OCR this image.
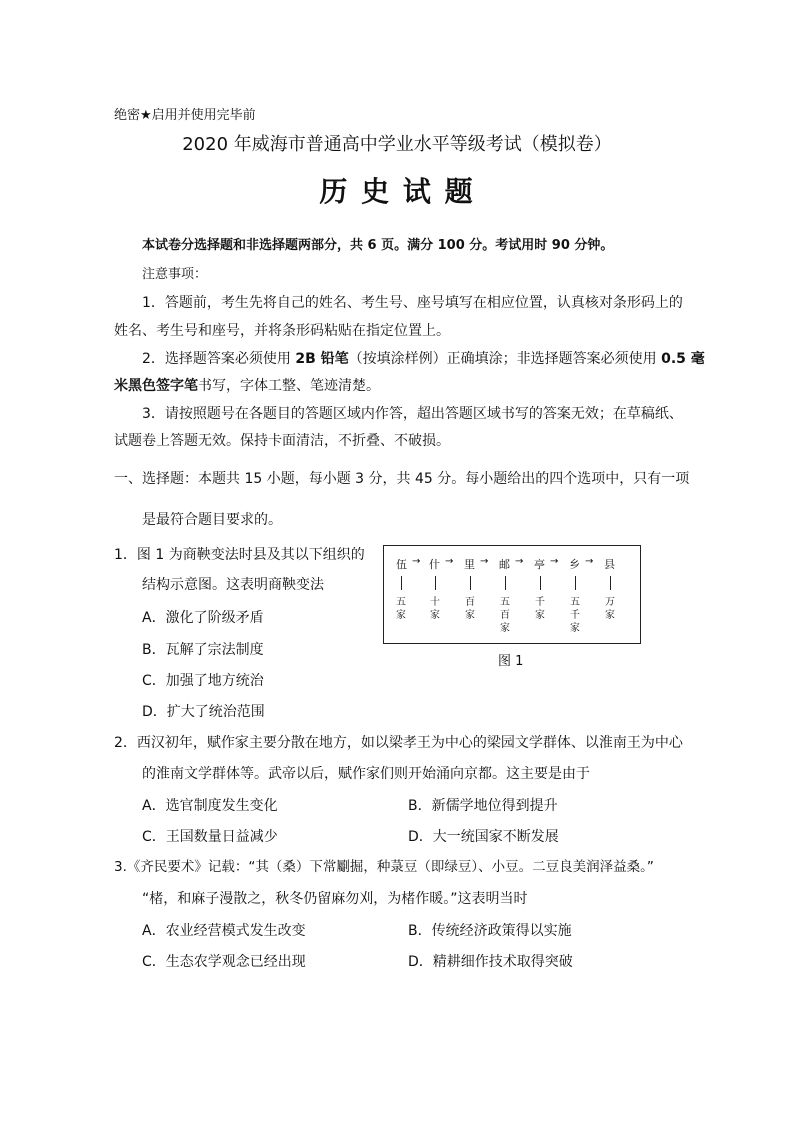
绝密★启用并使用完毕前
2020 年威海市普通高中学业水平等级考试（模拟卷）
历 史 试 题
本试卷分选择题和非选择题两部分，共 6 页。满分 100 分。考试用时 90 分钟。
注意事项：
1．答题前，考生先将自己的姓名、考生号、座号填写在相应位置，认真核对条形码上的
姓名、考生号和座号，并将条形码粘贴在指定位置上。
2．选择题答案必须使用 2B 铅笔（按填涂样例）正确填涂；非选择题答案必须使用 0.5 毫
米黑色签字笔书写，字体工整、笔迹清楚。
3．请按照题号在各题目的答题区域内作答，超出答题区域书写的答案无效；在草稿纸、
试题卷上答题无效。保持卡面清洁，不折叠、不破损。
一、选择题：本题共 15 小题，每小题 3 分，共 45 分。每小题给出的四个选项中，只有一项
是最符合题目要求的。
1．图 1 为商鞅变法时县及其以下组织的
结构示意图。这表明商鞅变法
A．激化了阶级矛盾
B．瓦解了宗法制度
C．加强了地方统治
D．扩大了统治范围
伍 → 什 → 里 → 邮 → 亭 → 乡 → 县
五家
十家
百家
五百家
千家
五千家
万家
图 1
2．西汉初年，赋作家主要分散在地方，如以梁孝王为中心的梁园文学群体、以淮南王为中心
的淮南文学群体等。武帝以后，赋作家们则开始涌向京都。这主要是由于
A．选官制度发生变化	B．新儒学地位得到提升
C．王国数量日益减少	D．大一统国家不断发展
3.《齐民要术》记载：“其（桑）下常劚掘，种菉豆（即绿豆）、小豆。二豆良美润泽益桑。”
“楮，和麻子漫散之，秋冬仍留麻勿刈，为楮作暖。”这表明当时
A．农业经营模式发生改变	B．传统经济政策得以实施
C．生态农学观念已经出现	D．精耕细作技术取得突破
